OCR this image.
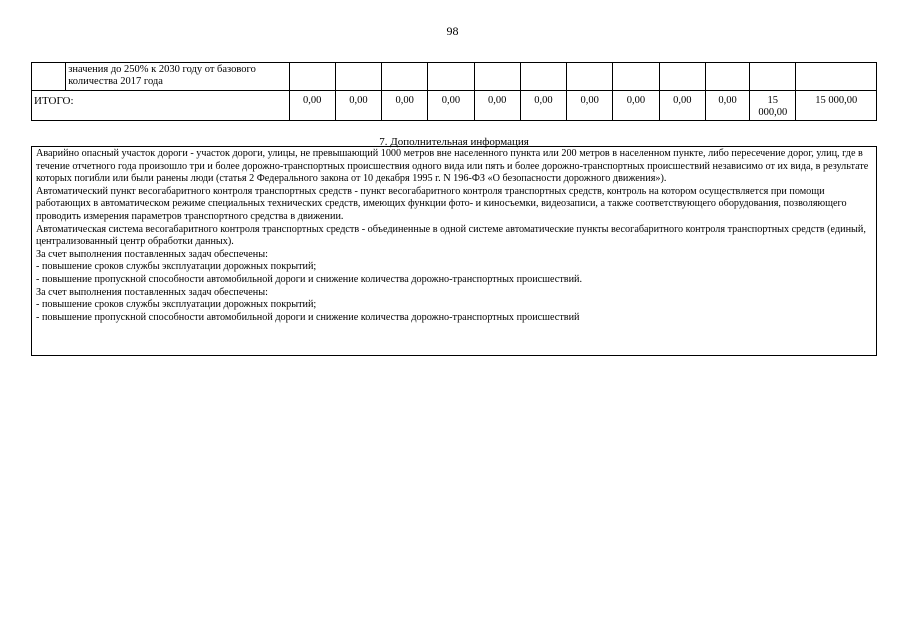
98
	значения до 250% к 2030 году от базового количества 2017 года												
ИТОГО:		0,00	0,00	0,00	0,00	0,00	0,00	0,00	0,00	0,00	0,00	15 000,00	15 000,00
7. Дополнительная информация

Аварийно опасный участок дороги - участок дороги, улицы, не превышающий 1000 метров вне населенного пункта или 200 метров в населенном пункте, либо пересечение дорог, улиц, где в течение отчетного года произошло три и более дорожно-транспортных происшествия одного вида или пять и более дорожно-транспортных происшествий независимо от их вида, в результате которых погибли или были ранены люди (статья 2 Федерального закона от 10 декабря 1995 г. N 196-ФЗ «О безопасности дорожного движения»).

Автоматический пункт весогабаритного контроля транспортных средств - пункт весогабаритного контроля транспортных средств, контроль на котором осуществляется при помощи работающих в автоматическом режиме специальных технических средств, имеющих функции фото- и киносъемки, видеозаписи, а также соответствующего оборудования, позволяющего проводить измерения параметров транспортного средства в движении.

Автоматическая система весогабаритного контроля транспортных средств - объединенные в одной системе автоматические пункты весогабаритного контроля транспортных средств (единый, централизованный центр обработки данных).

За счет выполнения поставленных задач обеспечены:

- повышение сроков службы эксплуатации дорожных покрытий;

- повышение пропускной способности автомобильной дороги и снижение количества дорожно-транспортных происшествий.

За счет выполнения поставленных задач обеспечены:

- повышение сроков службы эксплуатации дорожных покрытий;

- повышение пропускной способности автомобильной дороги и снижение количества дорожно-транспортных происшествий
